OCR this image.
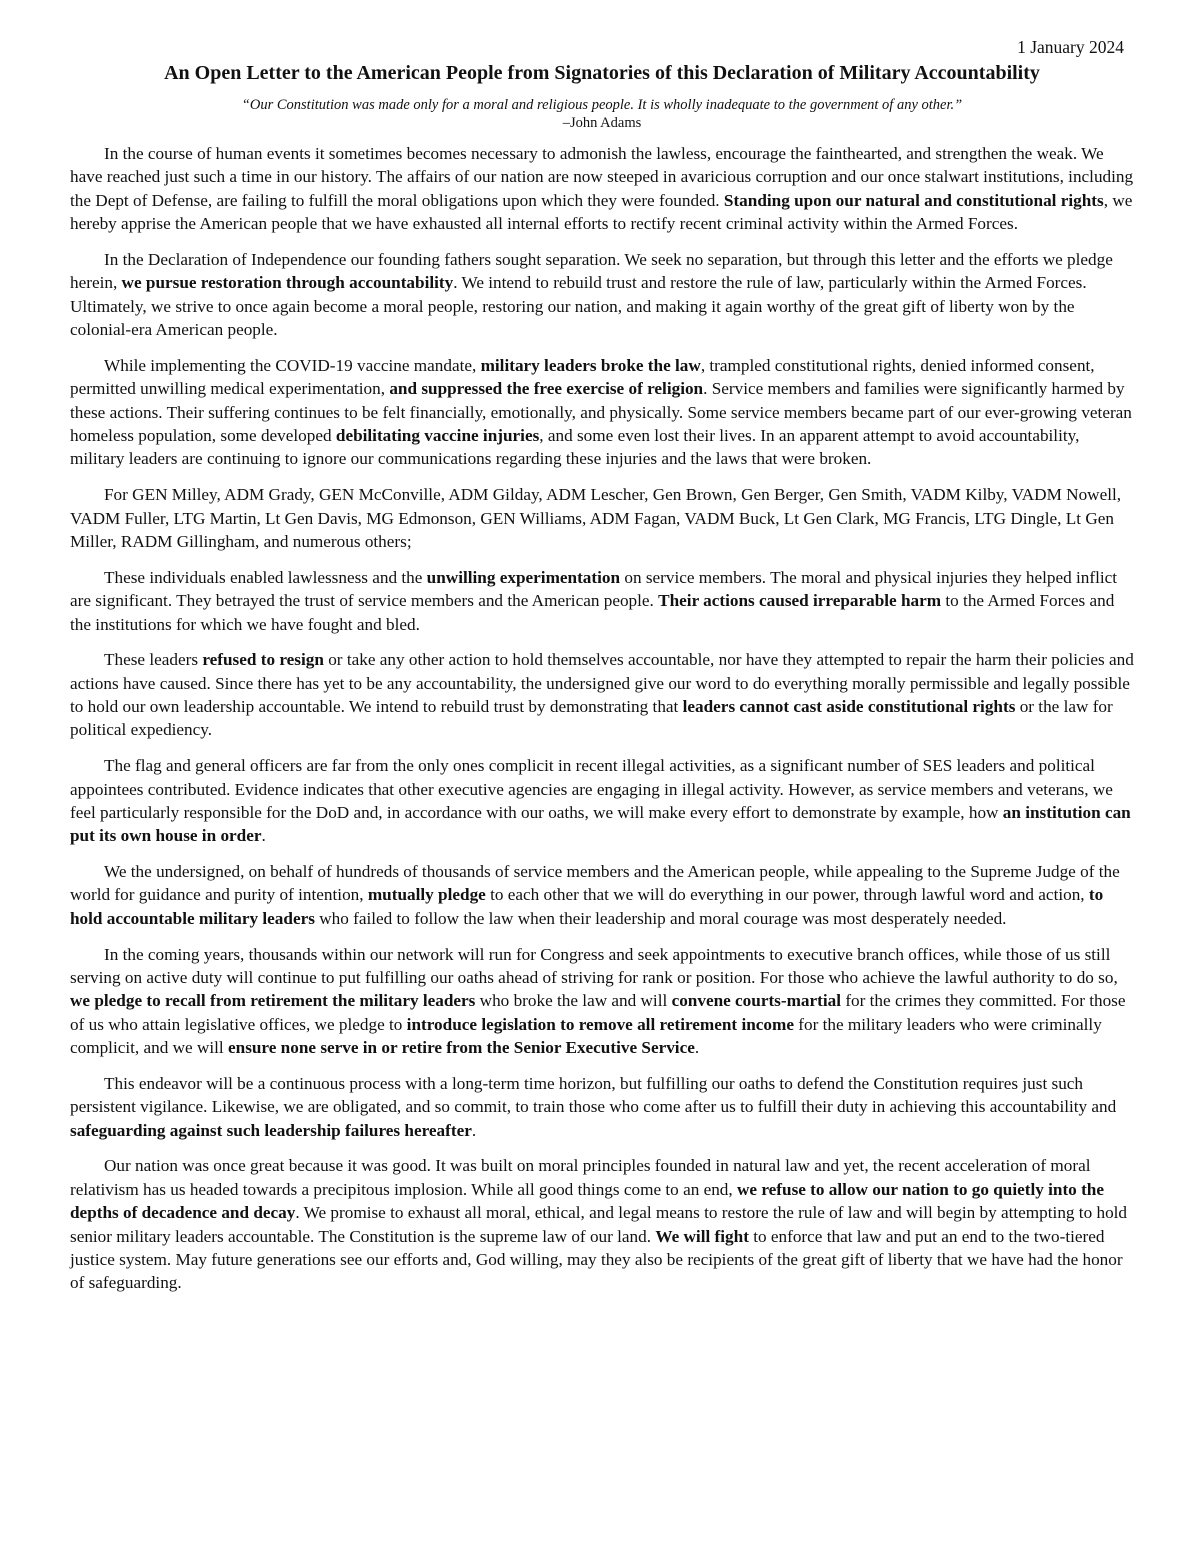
1 January 2024
An Open Letter to the American People from Signatories of this Declaration of Military Accountability
“Our Constitution was made only for a moral and religious people. It is wholly inadequate to the government of any other.”
–John Adams

In the course of human events it sometimes becomes necessary to admonish the lawless, encourage the fainthearted, and strengthen the weak. We have reached just such a time in our history. The affairs of our nation are now steeped in avaricious corruption and our once stalwart institutions, including the Dept of Defense, are failing to fulfill the moral obligations upon which they were founded. Standing upon our natural and constitutional rights, we hereby apprise the American people that we have exhausted all internal efforts to rectify recent criminal activity within the Armed Forces.

In the Declaration of Independence our founding fathers sought separation. We seek no separation, but through this letter and the efforts we pledge herein, we pursue restoration through accountability. We intend to rebuild trust and restore the rule of law, particularly within the Armed Forces. Ultimately, we strive to once again become a moral people, restoring our nation, and making it again worthy of the great gift of liberty won by the colonial-era American people.

While implementing the COVID-19 vaccine mandate, military leaders broke the law, trampled constitutional rights, denied informed consent, permitted unwilling medical experimentation, and suppressed the free exercise of religion. Service members and families were significantly harmed by these actions. Their suffering continues to be felt financially, emotionally, and physically. Some service members became part of our ever-growing veteran homeless population, some developed debilitating vaccine injuries, and some even lost their lives. In an apparent attempt to avoid accountability, military leaders are continuing to ignore our communications regarding these injuries and the laws that were broken.

For GEN Milley, ADM Grady, GEN McConville, ADM Gilday, ADM Lescher, Gen Brown, Gen Berger, Gen Smith, VADM Kilby, VADM Nowell, VADM Fuller, LTG Martin, Lt Gen Davis, MG Edmonson, GEN Williams, ADM Fagan, VADM Buck, Lt Gen Clark, MG Francis, LTG Dingle, Lt Gen Miller, RADM Gillingham, and numerous others;

These individuals enabled lawlessness and the unwilling experimentation on service members. The moral and physical injuries they helped inflict are significant. They betrayed the trust of service members and the American people. Their actions caused irreparable harm to the Armed Forces and the institutions for which we have fought and bled.

These leaders refused to resign or take any other action to hold themselves accountable, nor have they attempted to repair the harm their policies and actions have caused. Since there has yet to be any accountability, the undersigned give our word to do everything morally permissible and legally possible to hold our own leadership accountable. We intend to rebuild trust by demonstrating that leaders cannot cast aside constitutional rights or the law for political expediency.

The flag and general officers are far from the only ones complicit in recent illegal activities, as a significant number of SES leaders and political appointees contributed. Evidence indicates that other executive agencies are engaging in illegal activity. However, as service members and veterans, we feel particularly responsible for the DoD and, in accordance with our oaths, we will make every effort to demonstrate by example, how an institution can put its own house in order.

We the undersigned, on behalf of hundreds of thousands of service members and the American people, while appealing to the Supreme Judge of the world for guidance and purity of intention, mutually pledge to each other that we will do everything in our power, through lawful word and action, to hold accountable military leaders who failed to follow the law when their leadership and moral courage was most desperately needed.

In the coming years, thousands within our network will run for Congress and seek appointments to executive branch offices, while those of us still serving on active duty will continue to put fulfilling our oaths ahead of striving for rank or position. For those who achieve the lawful authority to do so, we pledge to recall from retirement the military leaders who broke the law and will convene courts-martial for the crimes they committed. For those of us who attain legislative offices, we pledge to introduce legislation to remove all retirement income for the military leaders who were criminally complicit, and we will ensure none serve in or retire from the Senior Executive Service.

This endeavor will be a continuous process with a long-term time horizon, but fulfilling our oaths to defend the Constitution requires just such persistent vigilance. Likewise, we are obligated, and so commit, to train those who come after us to fulfill their duty in achieving this accountability and safeguarding against such leadership failures hereafter.

Our nation was once great because it was good. It was built on moral principles founded in natural law and yet, the recent acceleration of moral relativism has us headed towards a precipitous implosion. While all good things come to an end, we refuse to allow our nation to go quietly into the depths of decadence and decay. We promise to exhaust all moral, ethical, and legal means to restore the rule of law and will begin by attempting to hold senior military leaders accountable. The Constitution is the supreme law of our land. We will fight to enforce that law and put an end to the two-tiered justice system. May future generations see our efforts and, God willing, may they also be recipients of the great gift of liberty that we have had the honor of safeguarding.
